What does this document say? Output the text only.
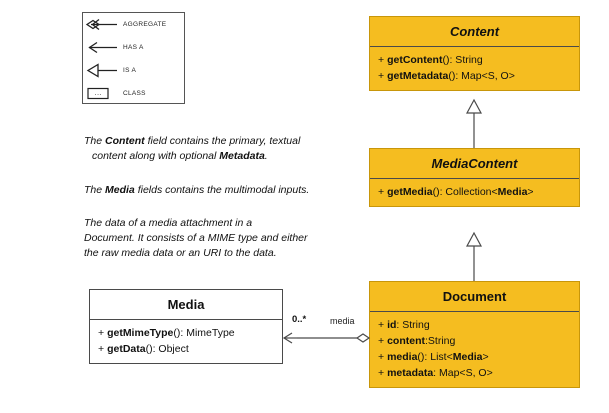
AGGREGATE
HAS A
IS A
···	CLASS
The Content field contains the primary, textual
content along with optional Metadata.
The Media fields contains the multimodal inputs.
The data of a media attachment in a
Document. It consists of a MIME type and either
the raw media data or an URI to the data.
Content
+ getContent(): String
+ getMetadata(): Map<S, O>
MediaContent
+ getMedia(): Collection<Media>
Document
+ id: String
+ content:String
+ media(): List<Media>
+ metadata: Map<S, O>
Media
+ getMimeType(): MimeType
+ getData(): Object
0..*	media
